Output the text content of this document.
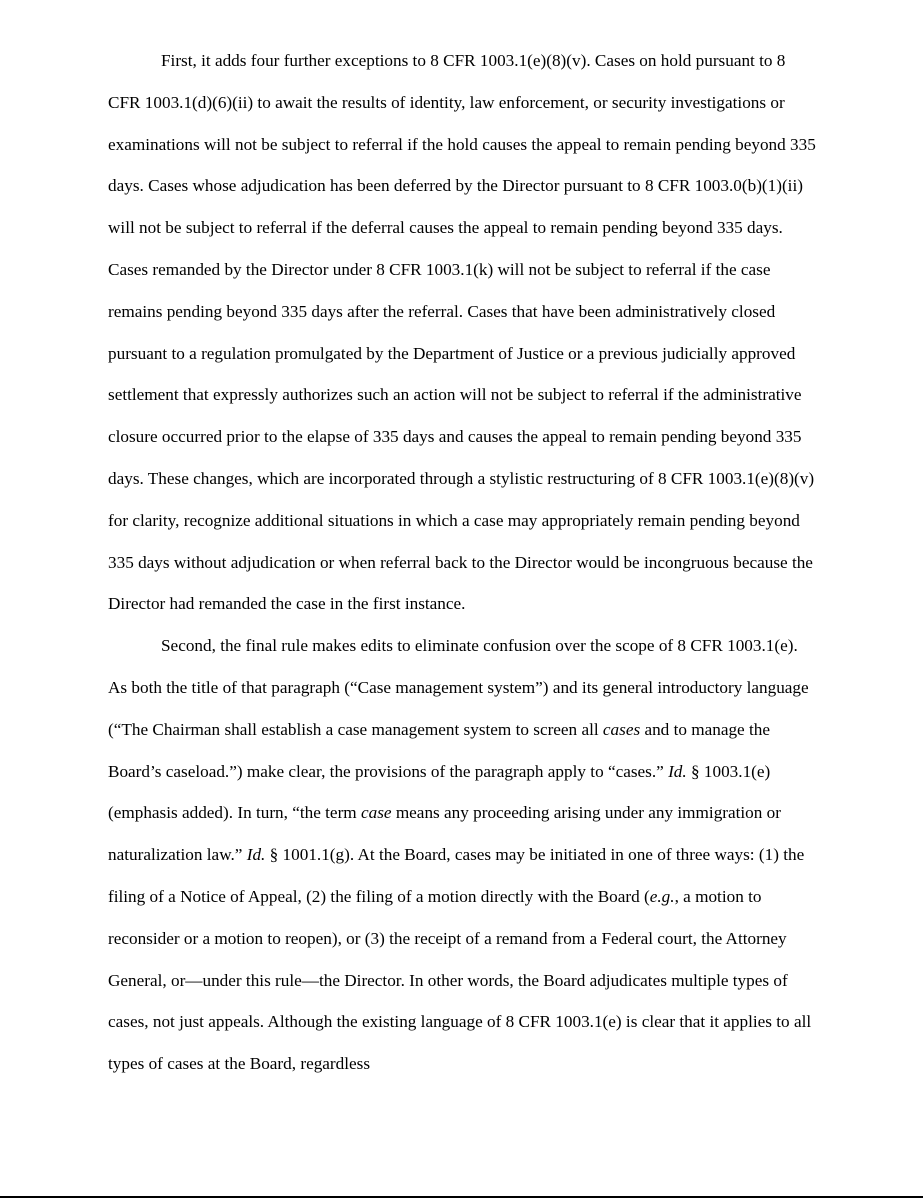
First, it adds four further exceptions to 8 CFR 1003.1(e)(8)(v). Cases on hold pursuant to 8 CFR 1003.1(d)(6)(ii) to await the results of identity, law enforcement, or security investigations or examinations will not be subject to referral if the hold causes the appeal to remain pending beyond 335 days. Cases whose adjudication has been deferred by the Director pursuant to 8 CFR 1003.0(b)(1)(ii) will not be subject to referral if the deferral causes the appeal to remain pending beyond 335 days. Cases remanded by the Director under 8 CFR 1003.1(k) will not be subject to referral if the case remains pending beyond 335 days after the referral. Cases that have been administratively closed pursuant to a regulation promulgated by the Department of Justice or a previous judicially approved settlement that expressly authorizes such an action will not be subject to referral if the administrative closure occurred prior to the elapse of 335 days and causes the appeal to remain pending beyond 335 days. These changes, which are incorporated through a stylistic restructuring of 8 CFR 1003.1(e)(8)(v) for clarity, recognize additional situations in which a case may appropriately remain pending beyond 335 days without adjudication or when referral back to the Director would be incongruous because the Director had remanded the case in the first instance.

Second, the final rule makes edits to eliminate confusion over the scope of 8 CFR 1003.1(e). As both the title of that paragraph (“Case management system”) and its general introductory language (“The Chairman shall establish a case management system to screen all cases and to manage the Board’s caseload.”) make clear, the provisions of the paragraph apply to “cases.” Id. § 1003.1(e) (emphasis added). In turn, “the term case means any proceeding arising under any immigration or naturalization law.” Id. § 1001.1(g). At the Board, cases may be initiated in one of three ways: (1) the filing of a Notice of Appeal, (2) the filing of a motion directly with the Board (e.g., a motion to reconsider or a motion to reopen), or (3) the receipt of a remand from a Federal court, the Attorney General, or—under this rule—the Director. In other words, the Board adjudicates multiple types of cases, not just appeals. Although the existing language of 8 CFR 1003.1(e) is clear that it applies to all types of cases at the Board, regardless
